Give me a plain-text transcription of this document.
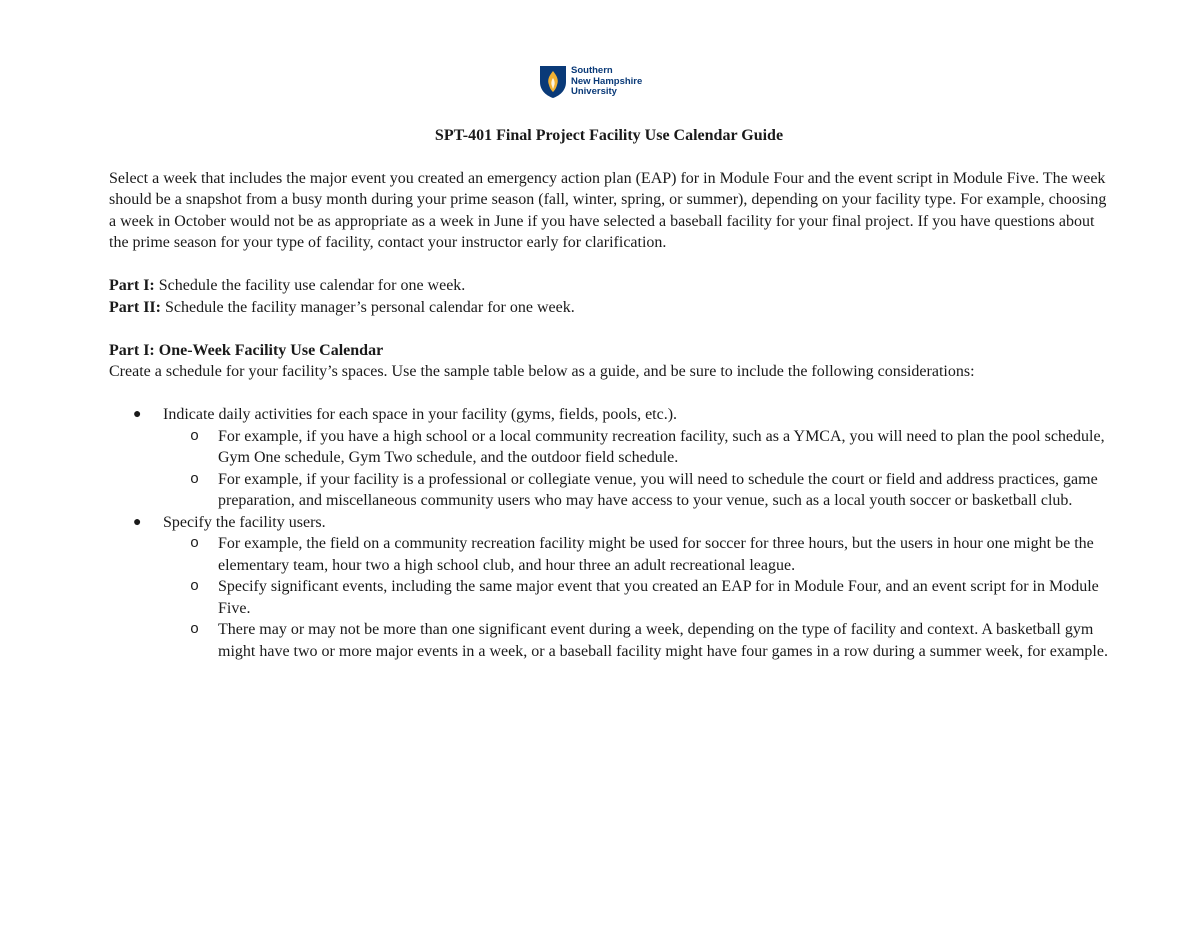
Southern
New Hampshire
University

SPT-401 Final Project Facility Use Calendar Guide

Select a week that includes the major event you created an emergency action plan (EAP) for in Module Four and the event script in Module Five. The week should be a snapshot from a busy month during your prime season (fall, winter, spring, or summer), depending on your facility type. For example, choosing a week in October would not be as appropriate as a week in June if you have selected a baseball facility for your final project. If you have questions about the prime season for your type of facility, contact your instructor early for clarification.

Part I: Schedule the facility use calendar for one week.

Part II: Schedule the facility manager’s personal calendar for one week.

Part I: One-Week Facility Use Calendar

Create a schedule for your facility’s spaces. Use the sample table below as a guide, and be sure to include the following considerations:

● Indicate daily activities for each space in your facility (gyms, fields, pools, etc.).
o For example, if you have a high school or a local community recreation facility, such as a YMCA, you will need to plan the pool schedule, Gym One schedule, Gym Two schedule, and the outdoor field schedule.
o For example, if your facility is a professional or collegiate venue, you will need to schedule the court or field and address practices, game preparation, and miscellaneous community users who may have access to your venue, such as a local youth soccer or basketball club.
● Specify the facility users.
o For example, the field on a community recreation facility might be used for soccer for three hours, but the users in hour one might be the elementary team, hour two a high school club, and hour three an adult recreational league.
o Specify significant events, including the same major event that you created an EAP for in Module Four, and an event script for in Module Five.
o There may or may not be more than one significant event during a week, depending on the type of facility and context. A basketball gym might have two or more major events in a week, or a baseball facility might have four games in a row during a summer week, for example.
